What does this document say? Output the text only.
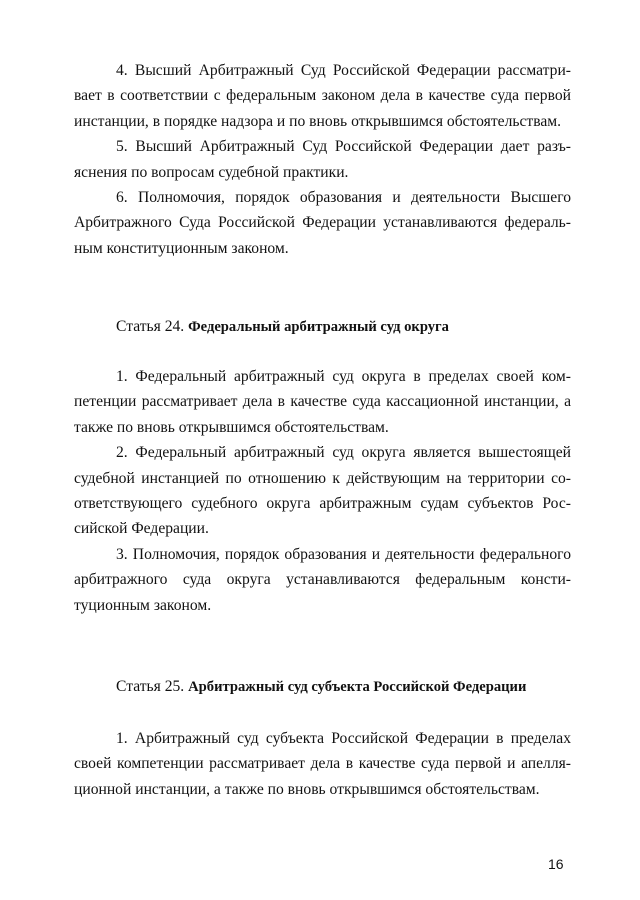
4. Высший Арбитражный Суд Российской Федерации рассматривает в соответствии с федеральным законом дела в качестве суда первой инстанции, в порядке надзора и по вновь открывшимся обстоятельствам.

5. Высший Арбитражный Суд Российской Федерации дает разъяснения по вопросам судебной практики.

6. Полномочия, порядок образования и деятельности Высшего Арбитражного Суда Российской Федерации устанавливаются федеральным конституционным законом.

Статья 24. Федеральный арбитражный суд округа

1. Федеральный арбитражный суд округа в пределах своей компетенции рассматривает дела в качестве суда кассационной инстанции, а также по вновь открывшимся обстоятельствам.

2. Федеральный арбитражный суд округа является вышестоящей судебной инстанцией по отношению к действующим на территории соответствующего судебного округа арбитражным судам субъектов Российской Федерации.

3. Полномочия, порядок образования и деятельности федерального арбитражного суда округа устанавливаются федеральным конституционным законом.

Статья 25. Арбитражный суд субъекта Российской Федерации

1. Арбитражный суд субъекта Российской Федерации в пределах своей компетенции рассматривает дела в качестве суда первой и апелляционной инстанции, а также по вновь открывшимся обстоятельствам.

16
